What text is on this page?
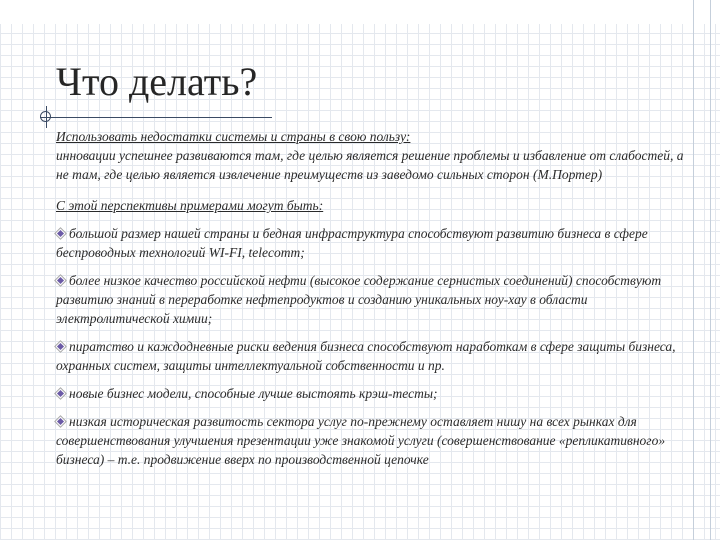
Что делать?

Использовать недостатки системы и страны в свою пользу:

инновации успешнее развиваются там, где целью является решение проблемы и избавление от слабостей, а не там, где целью является извлечение преимуществ из заведомо сильных сторон (М.Портер)

С этой перспективы примерами могут быть:

большой размер нашей страны и бедная инфраструктура способствуют развитию бизнеса в сфере беспроводных технологий WI-FI, telecomm;

более низкое качество российской нефти (высокое содержание сернистых соединений) способствуют развитию знаний в переработке нефтепродуктов и созданию уникальных ноу-хау в области электролитической химии;

пиратство и каждодневные риски ведения бизнеса способствуют наработкам в сфере защиты бизнеса, охранных систем, защиты интеллектуальной собственности и пр.

новые бизнес модели, способные лучше выстоять крэш-тесты;

низкая историческая развитость сектора услуг по-прежнему оставляет нишу на всех рынках для совершенствования улучшения презентации уже знакомой услуги (совершенствование «репликативного» бизнеса) – т.е. продвижение вверх по производственной цепочке
